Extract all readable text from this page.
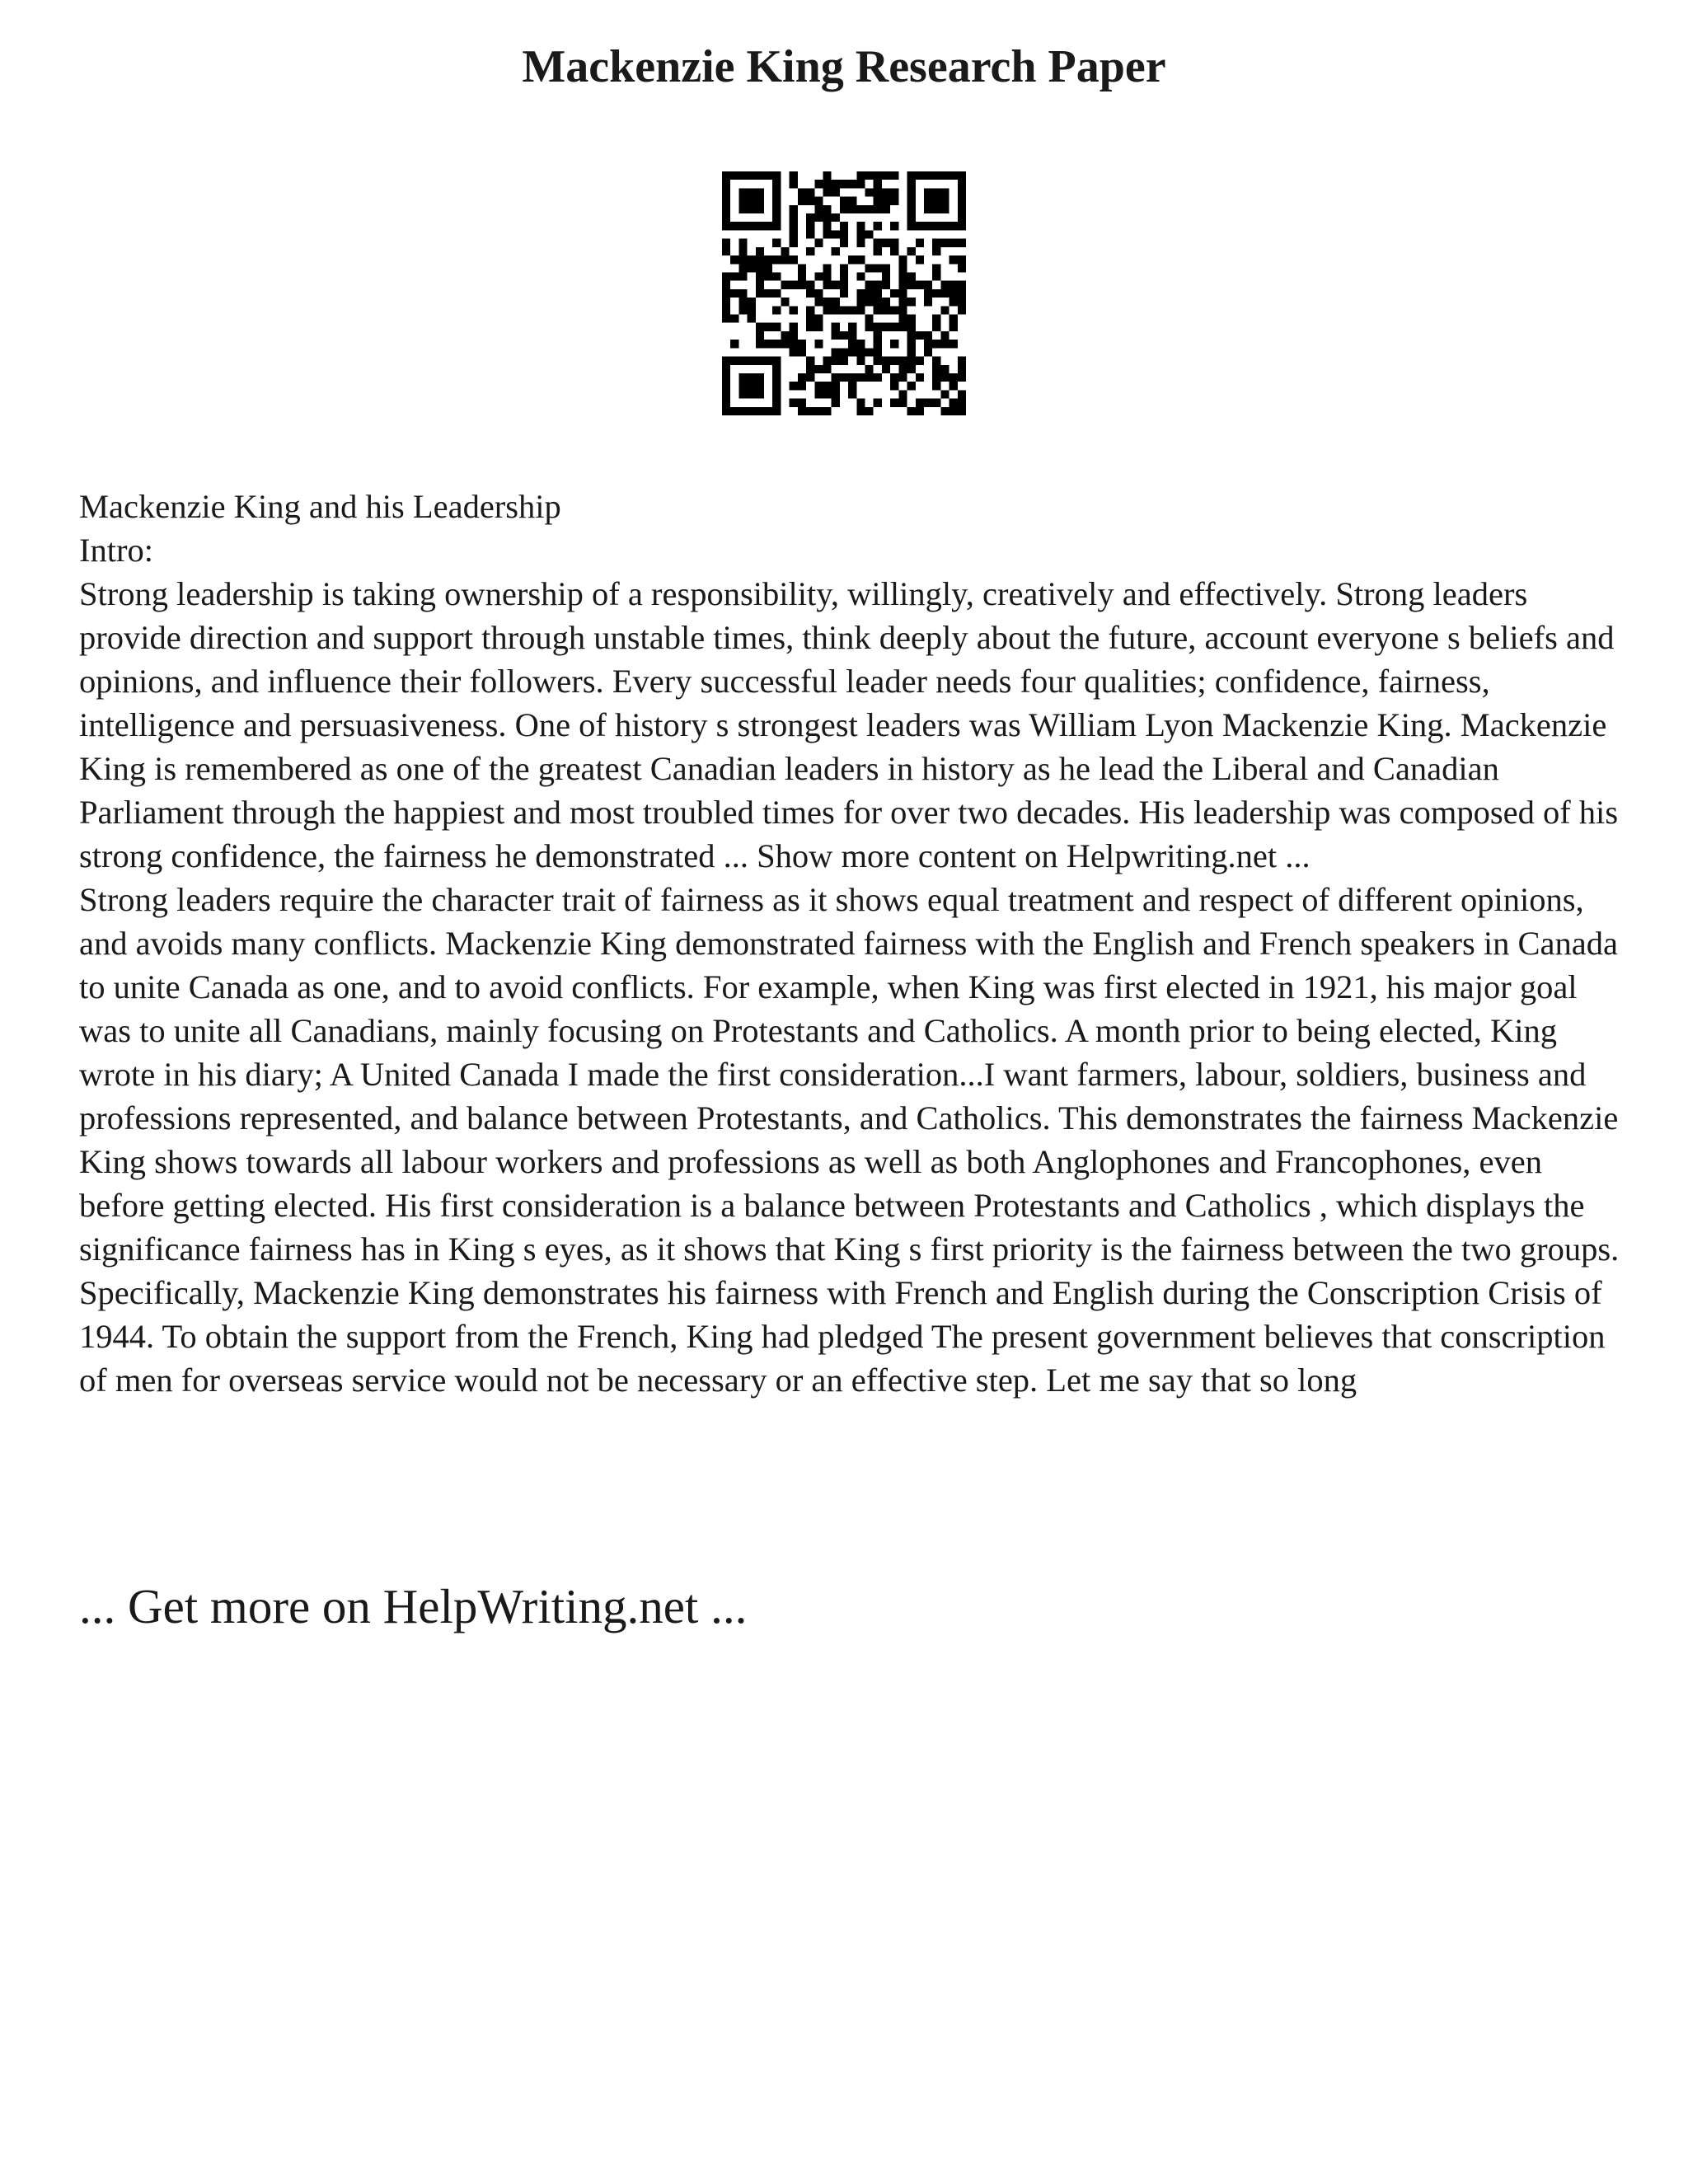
Mackenzie King Research Paper

Mackenzie King and his Leadership

Intro:

Strong leadership is taking ownership of a responsibility, willingly, creatively and effectively. Strong leaders provide direction and support through unstable times, think deeply about the future, account everyone s beliefs and opinions, and influence their followers. Every successful leader needs four qualities; confidence, fairness, intelligence and persuasiveness. One of history s strongest leaders was William Lyon Mackenzie King. Mackenzie King is remembered as one of the greatest Canadian leaders in history as he lead the Liberal and Canadian Parliament through the happiest and most troubled times for over two decades. His leadership was composed of his strong confidence, the fairness he demonstrated ... Show more content on Helpwriting.net ...

Strong leaders require the character trait of fairness as it shows equal treatment and respect of different opinions, and avoids many conflicts. Mackenzie King demonstrated fairness with the English and French speakers in Canada to unite Canada as one, and to avoid conflicts. For example, when King was first elected in 1921, his major goal was to unite all Canadians, mainly focusing on Protestants and Catholics. A month prior to being elected, King wrote in his diary; A United Canada I made the first consideration...I want farmers, labour, soldiers, business and professions represented, and balance between Protestants, and Catholics. This demonstrates the fairness Mackenzie King shows towards all labour workers and professions as well as both Anglophones and Francophones, even before getting elected. His first consideration is a balance between Protestants and Catholics , which displays the significance fairness has in King s eyes, as it shows that King s first priority is the fairness between the two groups. Specifically, Mackenzie King demonstrates his fairness with French and English during the Conscription Crisis of 1944. To obtain the support from the French, King had pledged The present government believes that conscription of men for overseas service would not be necessary or an effective step. Let me say that so long

... Get more on HelpWriting.net ...
